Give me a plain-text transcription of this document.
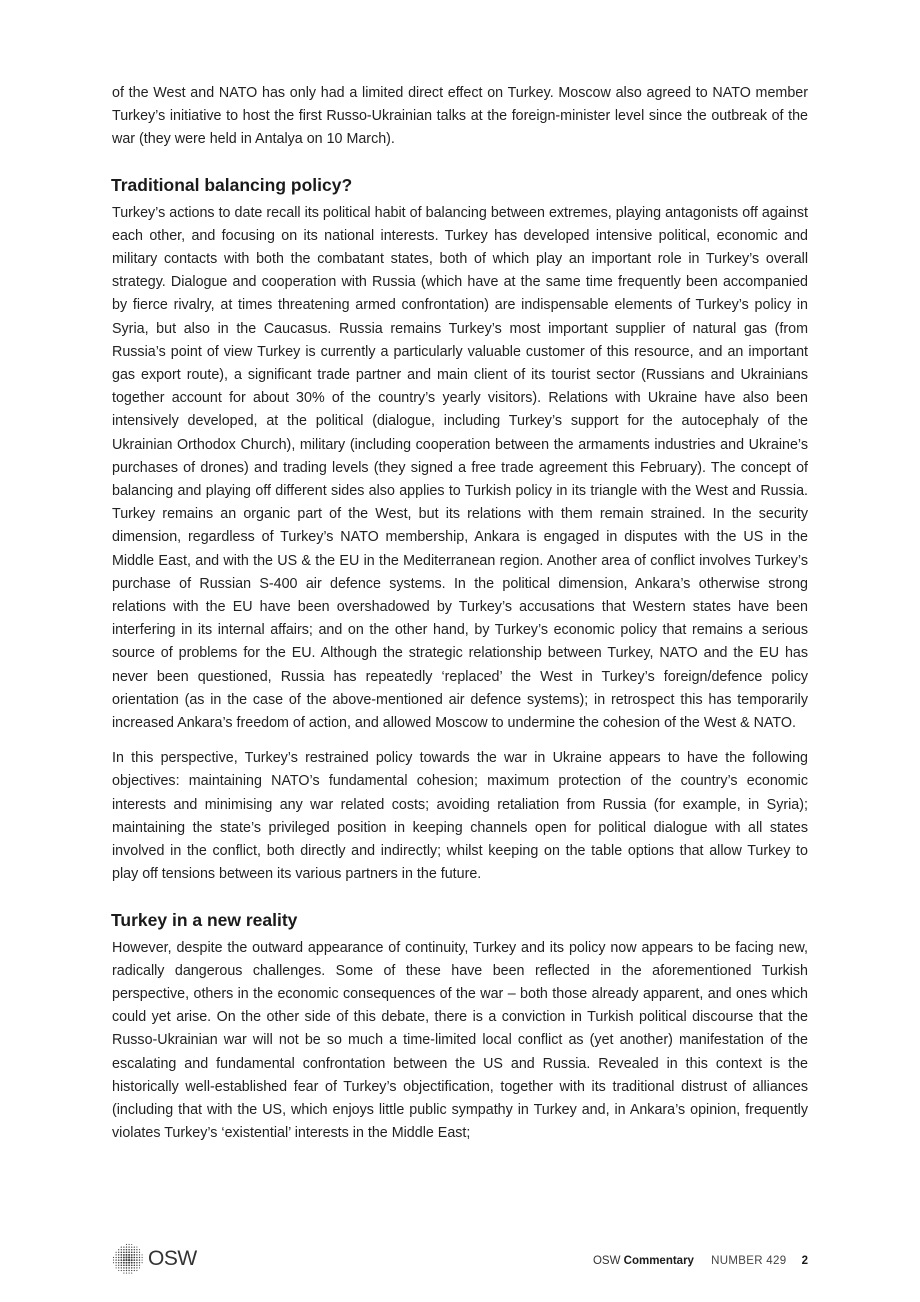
of the West and NATO has only had a limited direct effect on Turkey. Moscow also agreed to NATO member Turkey’s initiative to host the first Russo-Ukrainian talks at the foreign-minister level since the outbreak of the war (they were held in Antalya on 10 March).

Traditional balancing policy?

Turkey’s actions to date recall its political habit of balancing between extremes, playing antagonists off against each other, and focusing on its national interests. Turkey has developed intensive political, economic and military contacts with both the combatant states, both of which play an important role in Turkey’s overall strategy. Dialogue and cooperation with Russia (which have at the same time frequently been accompanied by fierce rivalry, at times threatening armed confrontation) are indispensable elements of Turkey’s policy in Syria, but also in the Caucasus. Russia remains Turkey’s most important supplier of natural gas (from Russia’s point of view Turkey is currently a particularly valuable customer of this resource, and an important gas export route), a significant trade partner and main client of its tourist sector (Russians and Ukrainians together account for about 30% of the country’s yearly visitors). Relations with Ukraine have also been intensively developed, at the political (dialogue, including Turkey’s support for the autocephaly of the Ukrainian Orthodox Church), military (including cooperation between the armaments industries and Ukraine’s purchases of drones) and trading levels (they signed a free trade agreement this February). The concept of balancing and playing off different sides also applies to Turkish policy in its triangle with the West and Russia. Turkey remains an organic part of the West, but its relations with them remain strained. In the security dimension, regardless of Turkey’s NATO membership, Ankara is engaged in disputes with the US in the Middle East, and with the US & the EU in the Mediterranean region. Another area of conflict involves Turkey’s purchase of Russian S-400 air defence systems. In the political dimension, Ankara’s otherwise strong relations with the EU have been overshadowed by Turkey’s accusations that Western states have been interfering in its internal affairs; and on the other hand, by Turkey’s economic policy that remains a serious source of problems for the EU. Although the strategic relationship between Turkey, NATO and the EU has never been questioned, Russia has repeatedly ‘replaced’ the West in Turkey’s foreign/​defence policy orientation (as in the case of the above-mentioned air defence systems); in retrospect this has temporarily increased Ankara’s freedom of action, and allowed Moscow to undermine the cohesion of the West & NATO.

In this perspective, Turkey’s restrained policy towards the war in Ukraine appears to have the following objectives: maintaining NATO’s fundamental cohesion; maximum protection of the country’s economic interests and minimising any war related costs; avoiding retaliation from Russia (for example, in Syria); maintaining the state’s privileged position in keeping channels open for political dialogue with all states involved in the conflict, both directly and indirectly; whilst keeping on the table options that allow Turkey to play off tensions between its various partners in the future.

Turkey in a new reality

However, despite the outward appearance of continuity, Turkey and its policy now appears to be facing new, radically dangerous challenges. Some of these have been reflected in the aforementioned Turkish perspective, others in the economic consequences of the war – both those already apparent, and ones which could yet arise. On the other side of this debate, there is a conviction in Turkish political discourse that the Russo-Ukrainian war will not be so much a time-limited local conflict as (yet another) manifestation of the escalating and fundamental confrontation between the US and Russia. Revealed in this context is the historically well-established fear of Turkey’s objectification, together with its traditional distrust of alliances (including that with the US, which enjoys little public sympathy in Turkey and, in Ankara’s opinion, frequently violates Turkey’s ‘existential’ interests in the Middle East;

OSW	OSW Commentary NUMBER 429 2
